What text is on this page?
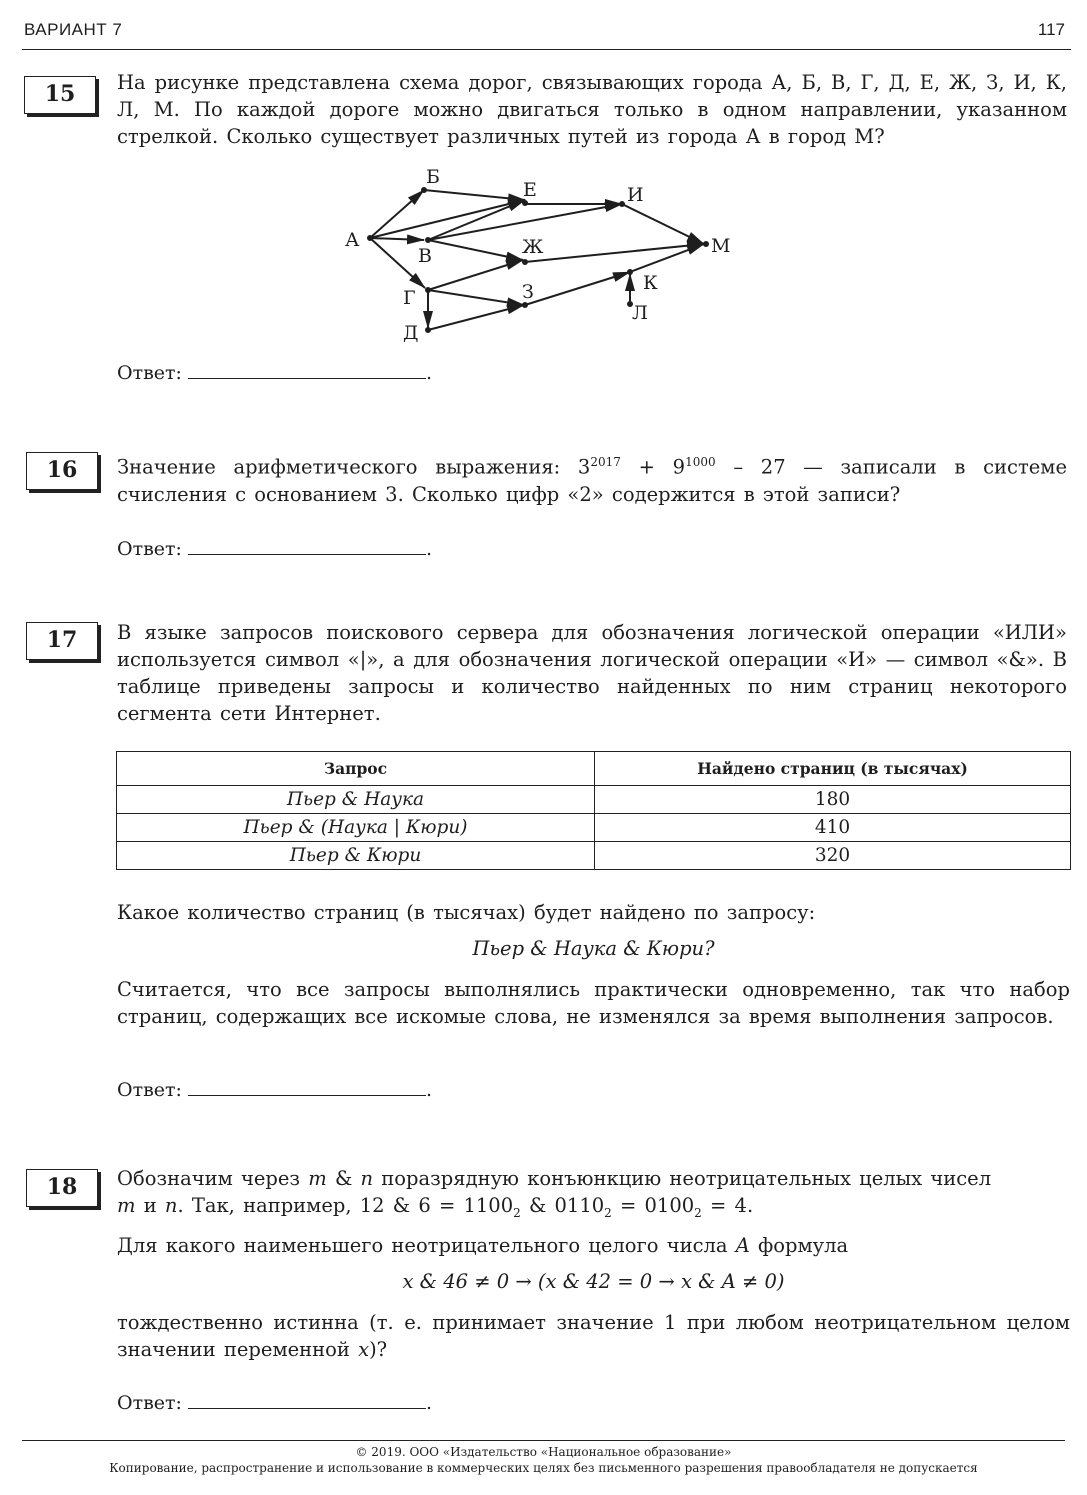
ВАРИАНТ 7	117
15	На рисунке представлена схема дорог, связывающих города А, Б, В, Г, Д, Е, Ж, З, И, К, Л, М. По каждой дороге можно двигаться только в одном направлении, указанном стрелкой. Сколько существует различных путей из города А в город М?
А
Б
В
Г
Д
Е
Ж
З
И
К
Л
М
Ответ:	.
16	Значение арифметического выражения: $3^{2017} + 9^{1000} - 27$ — записали в системе счисления с основанием 3. Сколько цифр «2» содержится в этой записи?
Ответ:	.
17	В языке запросов поискового сервера для обозначения логической операции «ИЛИ» используется символ «|», а для обозначения логической операции «И» — символ «&». В таблице приведены запросы и количество найденных по ним страниц некоторого сегмента сети Интернет.
Запрос	Найдено страниц (в тысячах)
Пьер & Наука	180
Пьер & (Наука | Кюри)	410
Пьер & Кюри	320
Какое количество страниц (в тысячах) будет найдено по запросу:
Пьер & Наука & Кюри?
Считается, что все запросы выполнялись практически одновременно, так что набор страниц, содержащих все искомые слова, не изменялся за время выполнения запросов.
Ответ:	.
18	Обозначим через m & n поразрядную конъюнкцию неотрицательных целых чисел
m и n. Так, например, 12 & $6 = 1100_2$ & $0110_2 = 0100_2 = 4$.
Для какого наименьшего неотрицательного целого числа A формула
x & 46 ≠ 0 → (x & 42 = 0 → x & A ≠ 0)
тождественно истинна (т. е. принимает значение 1 при любом неотрицательном целом значении переменной x)?
Ответ:	.
© 2019. ООО «Издательство «Национальное образование»
Копирование, распространение и использование в коммерческих целях без письменного разрешения правообладателя не допускается
